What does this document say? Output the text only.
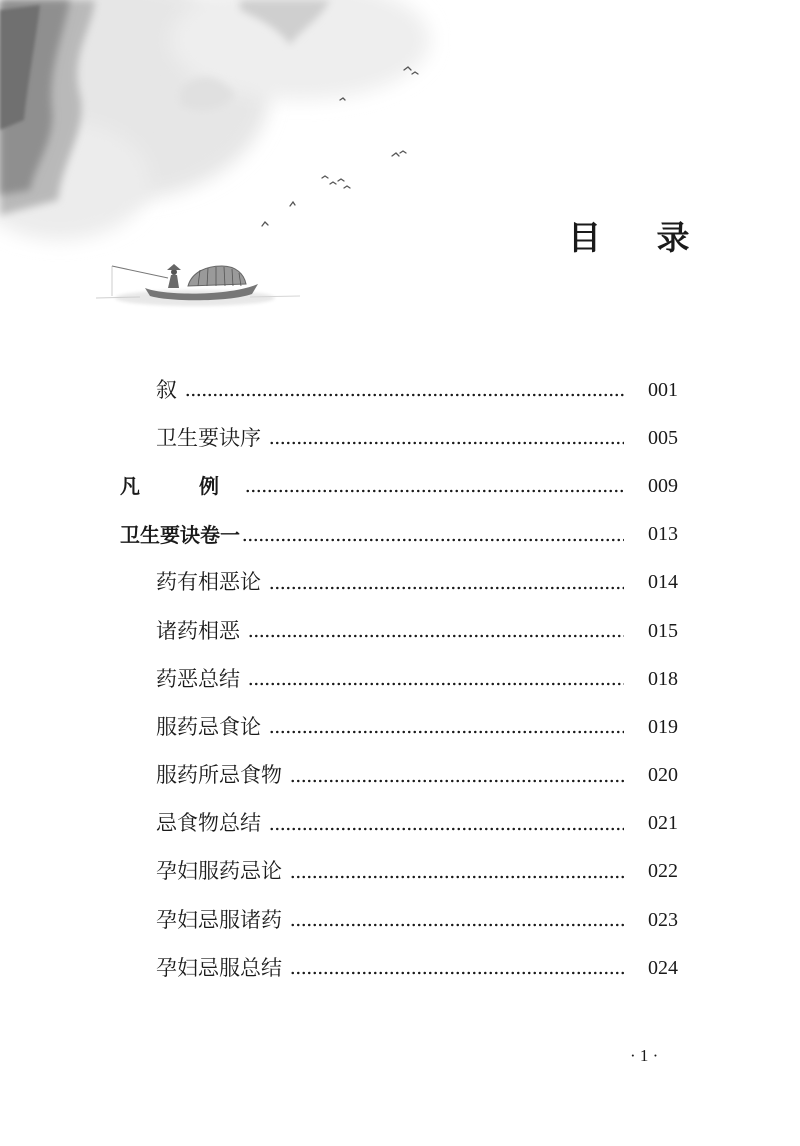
目 录
叙	001
卫生要诀序	005
凡 例	009
卫生要诀卷一	013
药有相恶论	014
诸药相恶	015
药恶总结	018
服药忌食论	019
服药所忌食物	020
忌食物总结	021
孕妇服药忌论	022
孕妇忌服诸药	023
孕妇忌服总结	024
· 1 ·
